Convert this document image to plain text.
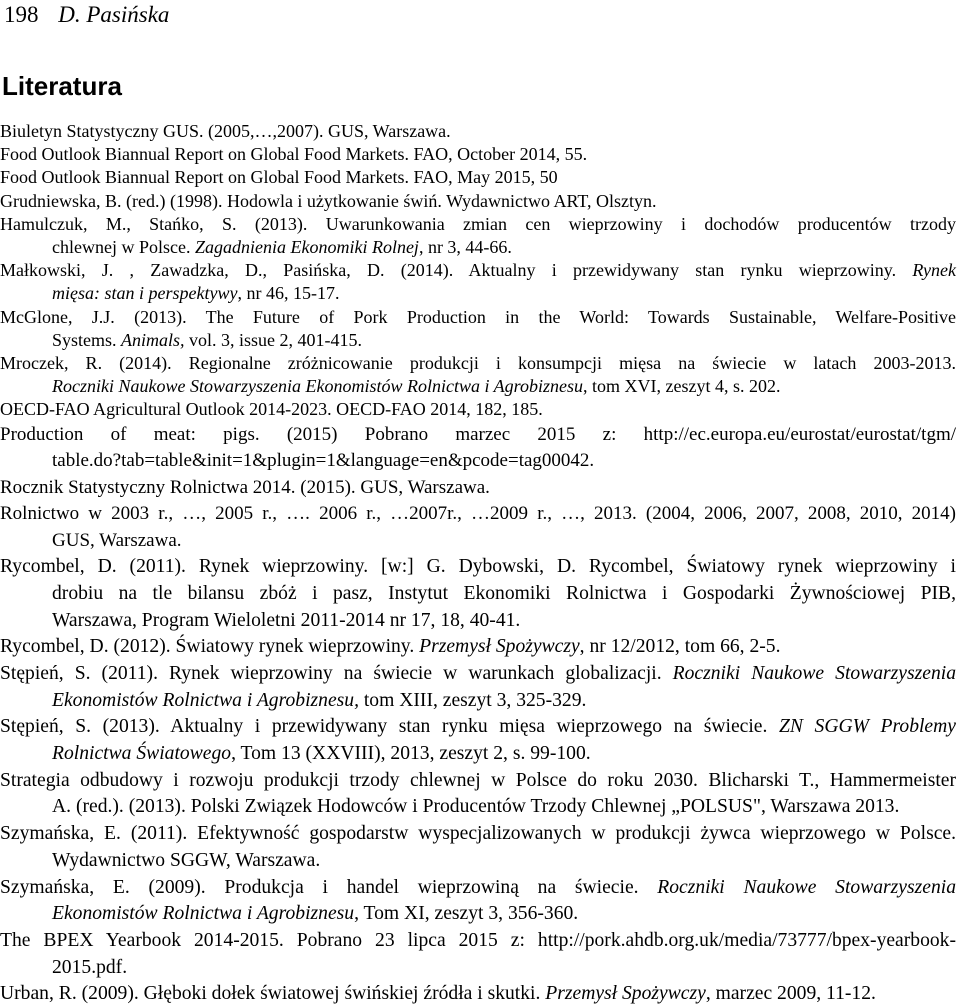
198 D. Pasińska
Literatura
Biuletyn Statystyczny GUS. (2005,…,2007). GUS, Warszawa.
Food Outlook Biannual Report on Global Food Markets. FAO, October 2014, 55.
Food Outlook Biannual Report on Global Food Markets. FAO, May 2015, 50
Grudniewska, B. (red.) (1998). Hodowla i użytkowanie świń. Wydawnictwo ART, Olsztyn.
Hamulczuk, M., Stańko, S. (2013). Uwarunkowania zmian cen wieprzowiny i dochodów producentów trzody
chlewnej w Polsce. Zagadnienia Ekonomiki Rolnej, nr 3, 44-66.
Małkowski, J. , Zawadzka, D., Pasińska, D. (2014). Aktualny i przewidywany stan rynku wieprzowiny. Rynek
mięsa: stan i perspektywy, nr 46, 15-17.
McGlone, J.J. (2013). The Future of Pork Production in the World: Towards Sustainable, Welfare-Positive
Systems. Animals, vol. 3, issue 2, 401-415.
Mroczek, R. (2014). Regionalne zróżnicowanie produkcji i konsumpcji mięsa na świecie w latach 2003-2013.
Roczniki Naukowe Stowarzyszenia Ekonomistów Rolnictwa i Agrobiznesu, tom XVI, zeszyt 4, s. 202.
OECD-FAO Agricultural Outlook 2014-2023. OECD-FAO 2014, 182, 185.
Production of meat: pigs. (2015) Pobrano marzec 2015 z: http://ec.europa.eu/eurostat/eurostat/tgm/
table.do?tab=table&init=1&plugin=1&language=en&pcode=tag00042.
Rocznik Statystyczny Rolnictwa 2014. (2015). GUS, Warszawa.
Rolnictwo w 2003 r., …, 2005 r., …. 2006 r., …2007r., …2009 r., …, 2013. (2004, 2006, 2007, 2008, 2010, 2014)
GUS, Warszawa.
Rycombel, D. (2011). Rynek wieprzowiny. [w:] G. Dybowski, D. Rycombel, Światowy rynek wieprzowiny i
drobiu na tle bilansu zbóż i pasz, Instytut Ekonomiki Rolnictwa i Gospodarki Żywnościowej PIB,
Warszawa, Program Wieloletni 2011-2014 nr 17, 18, 40-41.
Rycombel, D. (2012). Światowy rynek wieprzowiny. Przemysł Spożywczy, nr 12/2012, tom 66, 2-5.
Stępień, S. (2011). Rynek wieprzowiny na świecie w warunkach globalizacji. Roczniki Naukowe Stowarzyszenia
Ekonomistów Rolnictwa i Agrobiznesu, tom XIII, zeszyt 3, 325-329.
Stępień, S. (2013). Aktualny i przewidywany stan rynku mięsa wieprzowego na świecie. ZN SGGW Problemy
Rolnictwa Światowego, Tom 13 (XXVIII), 2013, zeszyt 2, s. 99-100.
Strategia odbudowy i rozwoju produkcji trzody chlewnej w Polsce do roku 2030. Blicharski T., Hammermeister
A. (red.). (2013). Polski Związek Hodowców i Producentów Trzody Chlewnej „POLSUS", Warszawa 2013.
Szymańska, E. (2011). Efektywność gospodarstw wyspecjalizowanych w produkcji żywca wieprzowego w Polsce.
Wydawnictwo SGGW, Warszawa.
Szymańska, E. (2009). Produkcja i handel wieprzowiną na świecie. Roczniki Naukowe Stowarzyszenia
Ekonomistów Rolnictwa i Agrobiznesu, Tom XI, zeszyt 3, 356-360.
The BPEX Yearbook 2014-2015. Pobrano 23 lipca 2015 z: http://pork.ahdb.org.uk/media/73777/bpex-yearbook-
2015.pdf.
Urban, R. (2009). Głęboki dołek światowej świńskiej źródła i skutki. Przemysł Spożywczy, marzec 2009, 11-12.
